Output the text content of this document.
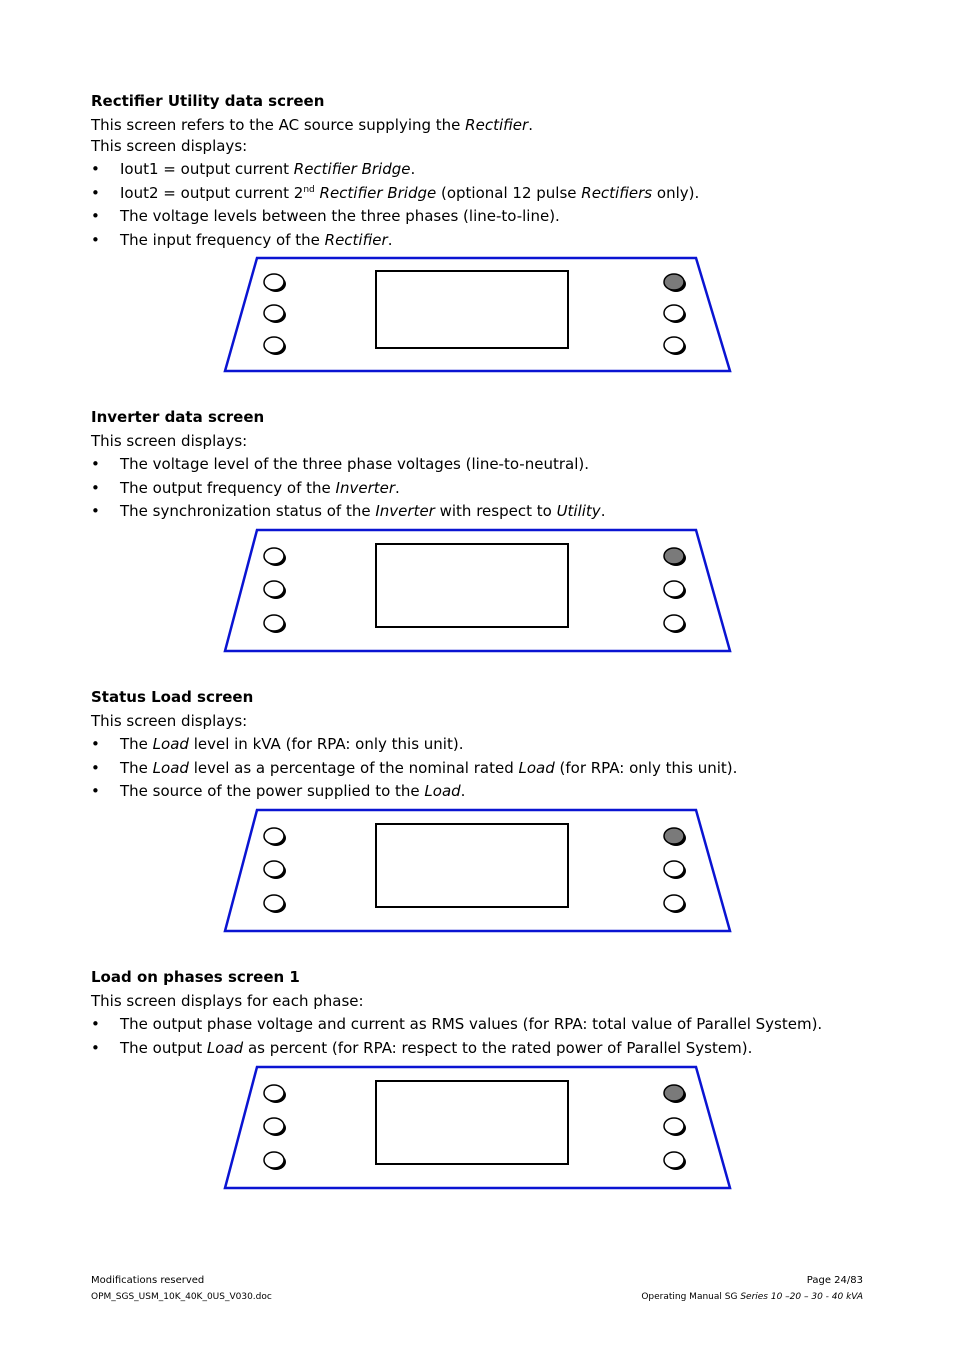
Rectifier Utility data screen

This screen refers to the AC source supplying the Rectifier.

This screen displays:

• Iout1 = output current Rectifier Bridge.
• Iout2 = output current 2nd Rectifier Bridge (optional 12 pulse Rectifiers only).
• The voltage levels between the three phases (line-to-line).
• The input frequency of the Rectifier.

Inverter data screen

This screen displays:

• The voltage level of the three phase voltages (line-to-neutral).
• The output frequency of the Inverter.
• The synchronization status of the Inverter with respect to Utility.

Status Load screen

This screen displays:

• The Load level in kVA (for RPA: only this unit).
• The Load level as a percentage of the nominal rated Load (for RPA: only this unit).
• The source of the power supplied to the Load.

Load on phases screen 1

This screen displays for each phase:

• The output phase voltage and current as RMS values (for RPA: total value of Parallel System).
• The output Load as percent (for RPA: respect to the rated power of Parallel System).
Modifications reserved
OPM_SGS_USM_10K_40K_0US_V030.doc
Page 24/83
Operating Manual SG Series 10 –20 – 30 - 40 kVA
